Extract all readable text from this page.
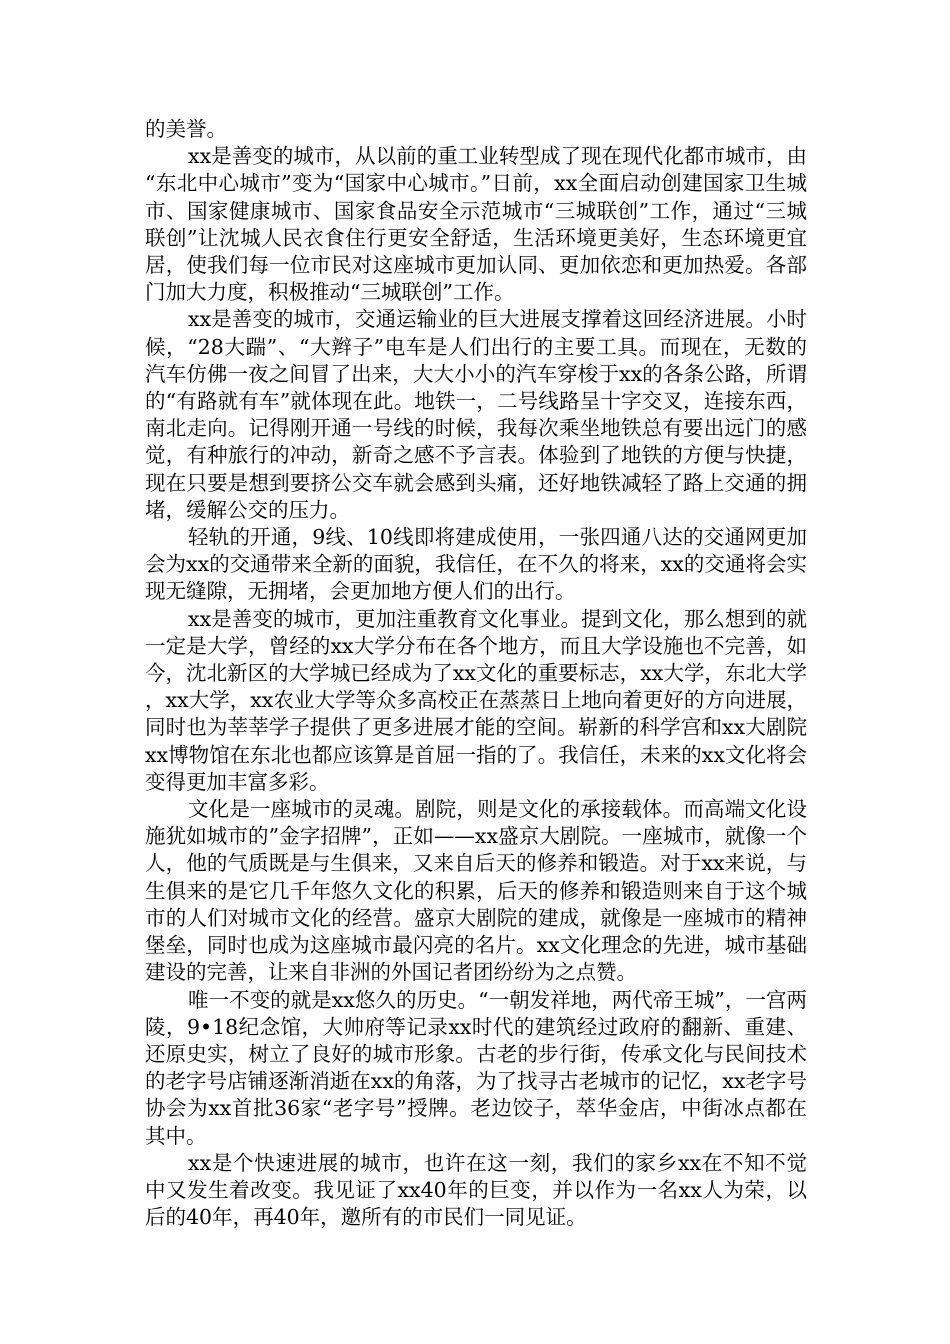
的美誉。

xx是善变的城市，从以前的重工业转型成了现在现代化都市城市，由“东北中心城市”变为“国家中心城市。”日前，xx全面启动创建国家卫生城市、国家健康城市、国家食品安全示范城市“三城联创”工作，通过“三城联创”让沈城人民衣食住行更安全舒适，生活环境更美好，生态环境更宜居，使我们每一位市民对这座城市更加认同、更加依恋和更加热爱。各部门加大力度，积极推动“三城联创”工作。

xx是善变的城市，交通运输业的巨大进展支撑着这回经济进展。小时候，“28大踹”、“大辫子”电车是人们出行的主要工具。而现在，无数的汽车仿佛一夜之间冒了出来，大大小小的汽车穿梭于xx的各条公路，所谓的“有路就有车”就体现在此。地铁一，二号线路呈十字交叉，连接东西，南北走向。记得刚开通一号线的时候，我每次乘坐地铁总有要出远门的感觉，有种旅行的冲动，新奇之感不予言表。体验到了地铁的方便与快捷，现在只要是想到要挤公交车就会感到头痛，还好地铁减轻了路上交通的拥堵，缓解公交的压力。

轻轨的开通，9线、10线即将建成使用，一张四通八达的交通网更加会为xx的交通带来全新的面貌，我信任，在不久的将来，xx的交通将会实现无缝隙，无拥堵，会更加地方便人们的出行。

xx是善变的城市，更加注重教育文化事业。提到文化，那么想到的就一定是大学，曾经的xx大学分布在各个地方，而且大学设施也不完善，如今，沈北新区的大学城已经成为了xx文化的重要标志，xx大学，东北大学，xx大学，xx农业大学等众多高校正在蒸蒸日上地向着更好的方向进展，同时也为莘莘学子提供了更多进展才能的空间。崭新的科学宫和xx大剧院xx博物馆在东北也都应该算是首屈一指的了。我信任，未来的xx文化将会变得更加丰富多彩。

文化是一座城市的灵魂。剧院，则是文化的承接载体。而高端文化设施犹如城市的”金字招牌”，正如——xx盛京大剧院。一座城市，就像一个人，他的气质既是与生俱来，又来自后天的修养和锻造。对于xx来说，与生俱来的是它几千年悠久文化的积累，后天的修养和锻造则来自于这个城市的人们对城市文化的经营。盛京大剧院的建成，就像是一座城市的精神堡垒，同时也成为这座城市最闪亮的名片。xx文化理念的先进，城市基础建设的完善，让来自非洲的外国记者团纷纷为之点赞。

唯一不变的就是xx悠久的历史。“一朝发祥地，两代帝王城”，一宫两陵，9•18纪念馆，大帅府等记录xx时代的建筑经过政府的翻新、重建、还原史实，树立了良好的城市形象。古老的步行街，传承文化与民间技术的老字号店铺逐渐消逝在xx的角落，为了找寻古老城市的记忆，xx老字号协会为xx首批36家“老字号”授牌。老边饺子，萃华金店，中街冰点都在其中。

xx是个快速进展的城市，也许在这一刻，我们的家乡xx在不知不觉中又发生着改变。我见证了xx40年的巨变，并以作为一名xx人为荣，以后的40年，再40年，邀所有的市民们一同见证。
